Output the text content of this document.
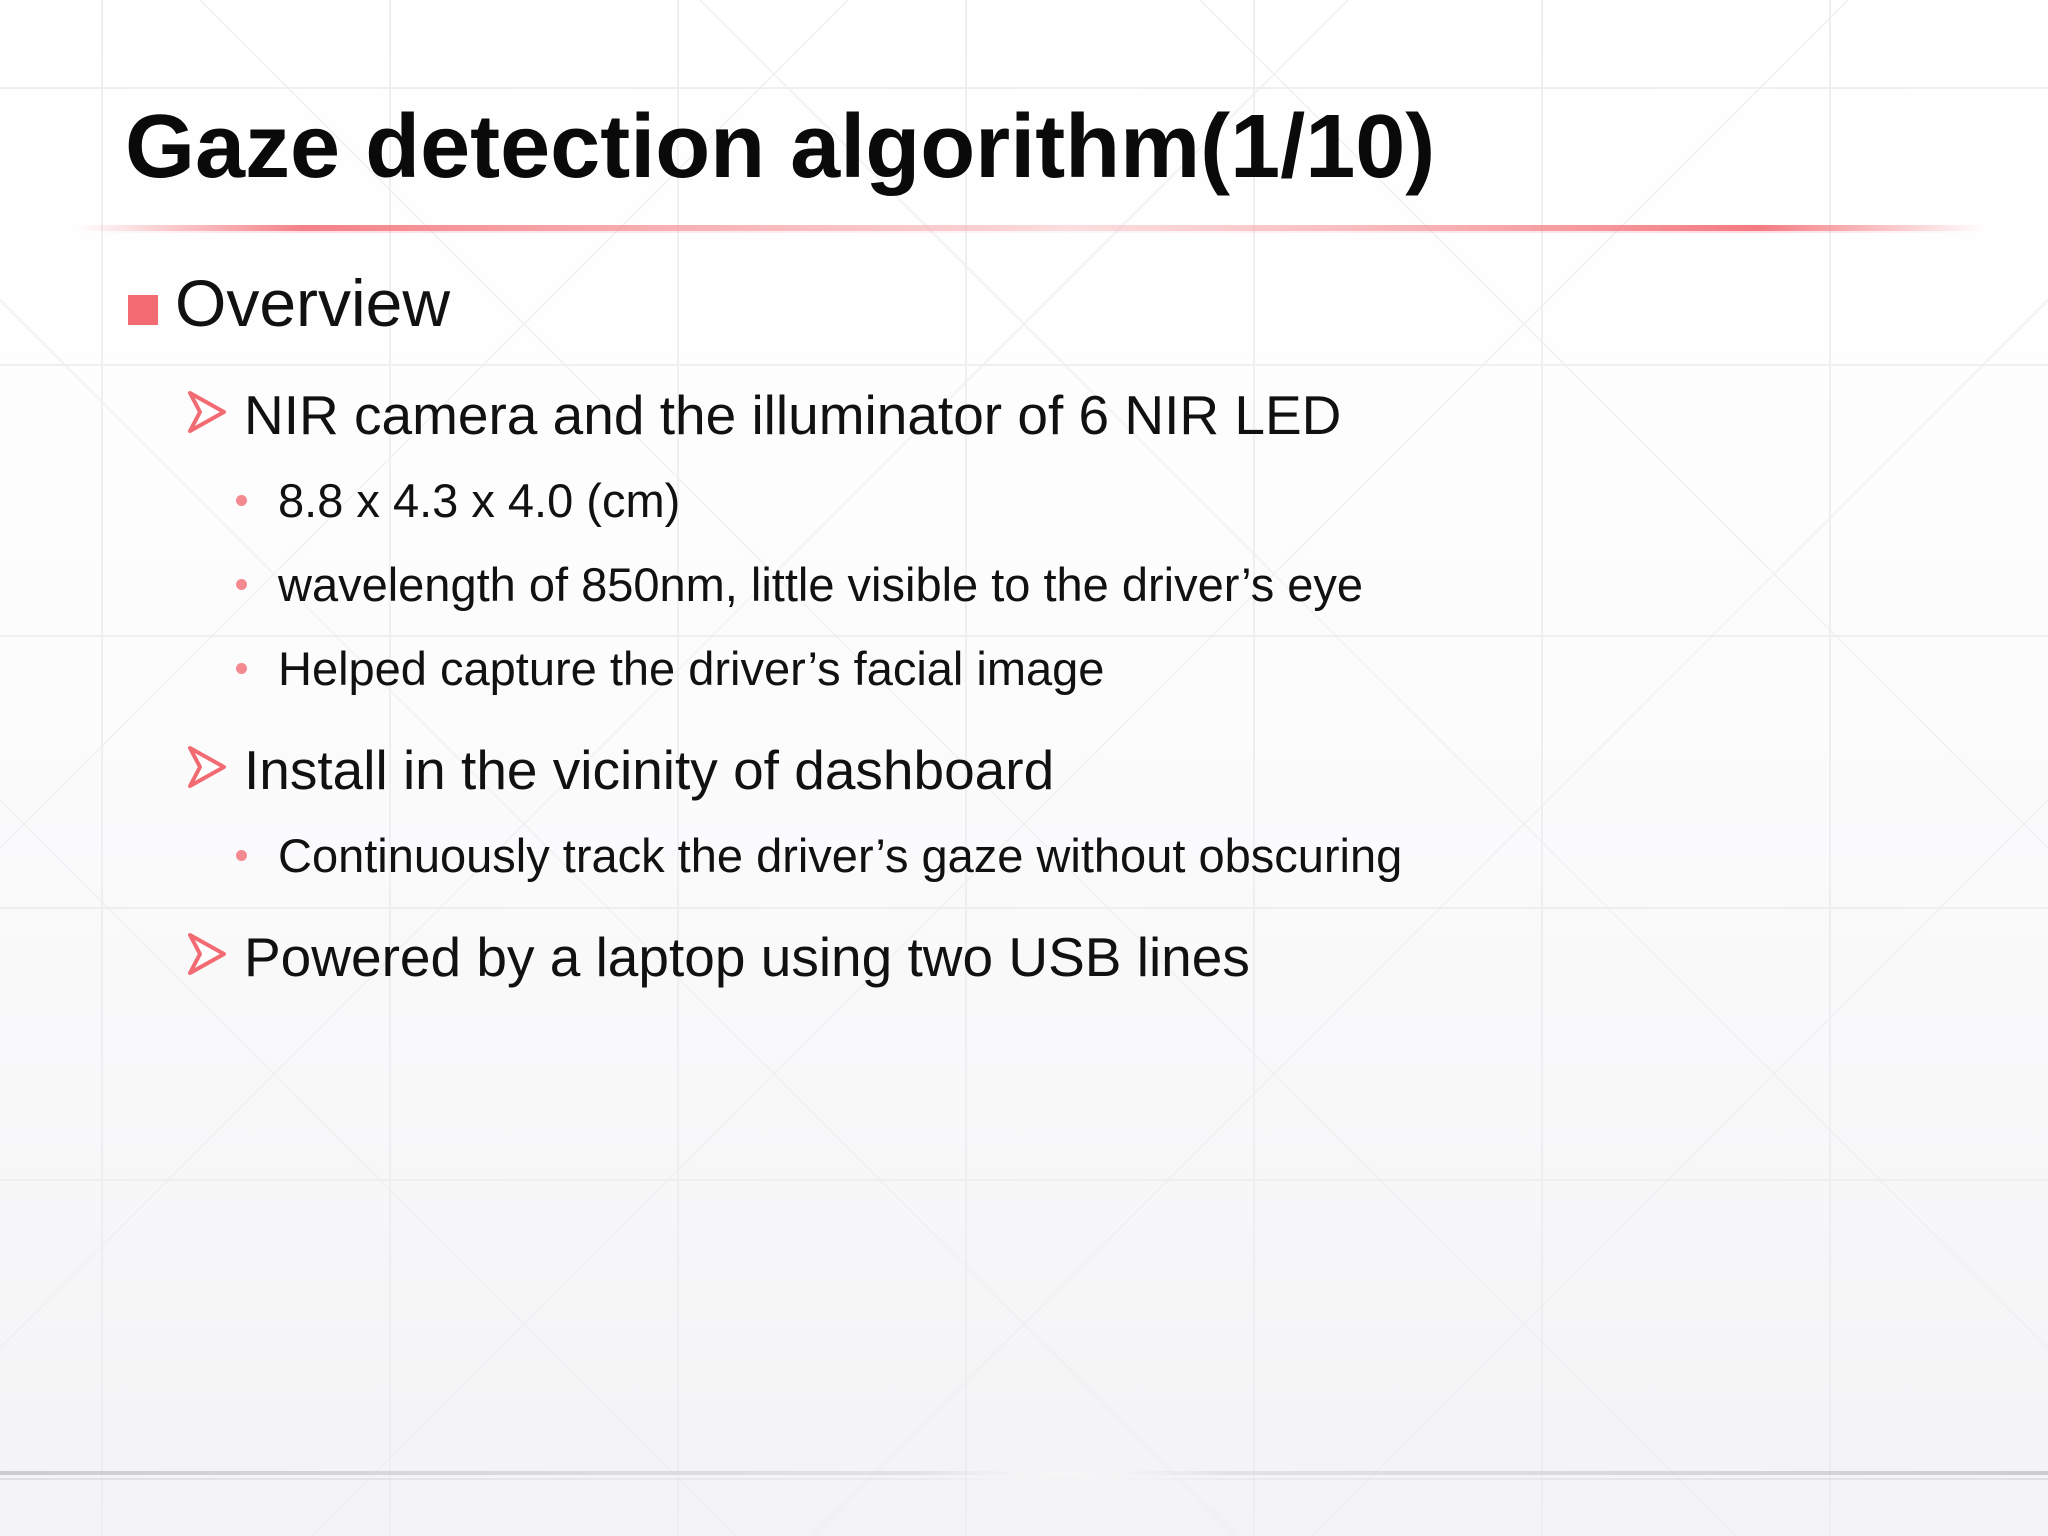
Gaze detection algorithm(1/10)
Overview
NIR camera and the illuminator of 6 NIR LED
8.8 x 4.3 x 4.0 (cm)
wavelength of 850nm, little visible to the driver’s eye
Helped capture the driver’s facial image
Install in the vicinity of dashboard
Continuously track the driver’s gaze without obscuring
Powered by a laptop using two USB lines
